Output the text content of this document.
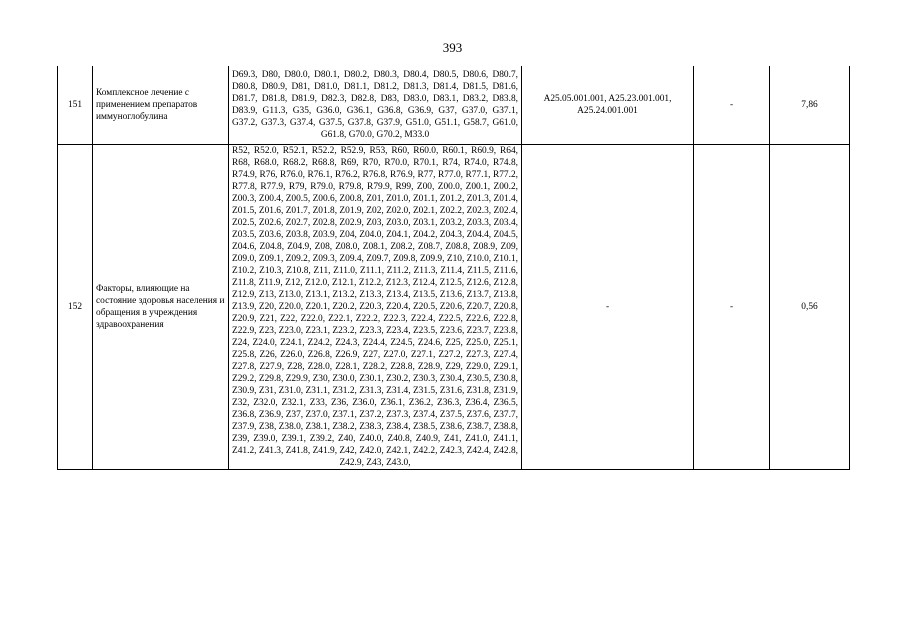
393
151	Комплексное лечение с применением препаратов иммуноглобулина	D69.3, D80, D80.0, D80.1, D80.2, D80.3, D80.4, D80.5, D80.6, D80.7, D80.8, D80.9, D81, D81.0, D81.1, D81.2, D81.3, D81.4, D81.5, D81.6, D81.7, D81.8, D81.9, D82.3, D82.8, D83, D83.0, D83.1, D83.2, D83.8, D83.9, G11.3, G35, G36.0, G36.1, G36.8, G36.9, G37, G37.0, G37.1, G37.2, G37.3, G37.4, G37.5, G37.8, G37.9, G51.0, G51.1, G58.7, G61.0, G61.8, G70.0, G70.2, M33.0	A25.05.001.001, A25.23.001.001, A25.24.001.001	-	7,86
152	Факторы, влияющие на состояние здоровья населения и обращения в учреждения здравоохранения	R52, R52.0, R52.1, R52.2, R52.9, R53, R60, R60.0, R60.1, R60.9, R64, R68, R68.0, R68.2, R68.8, R69, R70, R70.0, R70.1, R74, R74.0, R74.8, R74.9, R76, R76.0, R76.1, R76.2, R76.8, R76.9, R77, R77.0, R77.1, R77.2, R77.8, R77.9, R79, R79.0, R79.8, R79.9, R99, Z00, Z00.0, Z00.1, Z00.2, Z00.3, Z00.4, Z00.5, Z00.6, Z00.8, Z01, Z01.0, Z01.1, Z01.2, Z01.3, Z01.4, Z01.5, Z01.6, Z01.7, Z01.8, Z01.9, Z02, Z02.0, Z02.1, Z02.2, Z02.3, Z02.4, Z02.5, Z02.6, Z02.7, Z02.8, Z02.9, Z03, Z03.0, Z03.1, Z03.2, Z03.3, Z03.4, Z03.5, Z03.6, Z03.8, Z03.9, Z04, Z04.0, Z04.1, Z04.2, Z04.3, Z04.4, Z04.5, Z04.6, Z04.8, Z04.9, Z08, Z08.0, Z08.1, Z08.2, Z08.7, Z08.8, Z08.9, Z09, Z09.0, Z09.1, Z09.2, Z09.3, Z09.4, Z09.7, Z09.8, Z09.9, Z10, Z10.0, Z10.1, Z10.2, Z10.3, Z10.8, Z11, Z11.0, Z11.1, Z11.2, Z11.3, Z11.4, Z11.5, Z11.6, Z11.8, Z11.9, Z12, Z12.0, Z12.1, Z12.2, Z12.3, Z12.4, Z12.5, Z12.6, Z12.8, Z12.9, Z13, Z13.0, Z13.1, Z13.2, Z13.3, Z13.4, Z13.5, Z13.6, Z13.7, Z13.8, Z13.9, Z20, Z20.0, Z20.1, Z20.2, Z20.3, Z20.4, Z20.5, Z20.6, Z20.7, Z20.8, Z20.9, Z21, Z22, Z22.0, Z22.1, Z22.2, Z22.3, Z22.4, Z22.5, Z22.6, Z22.8, Z22.9, Z23, Z23.0, Z23.1, Z23.2, Z23.3, Z23.4, Z23.5, Z23.6, Z23.7, Z23.8, Z24, Z24.0, Z24.1, Z24.2, Z24.3, Z24.4, Z24.5, Z24.6, Z25, Z25.0, Z25.1, Z25.8, Z26, Z26.0, Z26.8, Z26.9, Z27, Z27.0, Z27.1, Z27.2, Z27.3, Z27.4, Z27.8, Z27.9, Z28, Z28.0, Z28.1, Z28.2, Z28.8, Z28.9, Z29, Z29.0, Z29.1, Z29.2, Z29.8, Z29.9, Z30, Z30.0, Z30.1, Z30.2, Z30.3, Z30.4, Z30.5, Z30.8, Z30.9, Z31, Z31.0, Z31.1, Z31.2, Z31.3, Z31.4, Z31.5, Z31.6, Z31.8, Z31.9, Z32, Z32.0, Z32.1, Z33, Z36, Z36.0, Z36.1, Z36.2, Z36.3, Z36.4, Z36.5, Z36.8, Z36.9, Z37, Z37.0, Z37.1, Z37.2, Z37.3, Z37.4, Z37.5, Z37.6, Z37.7, Z37.9, Z38, Z38.0, Z38.1, Z38.2, Z38.3, Z38.4, Z38.5, Z38.6, Z38.7, Z38.8, Z39, Z39.0, Z39.1, Z39.2, Z40, Z40.0, Z40.8, Z40.9, Z41, Z41.0, Z41.1, Z41.2, Z41.3, Z41.8, Z41.9, Z42, Z42.0, Z42.1, Z42.2, Z42.3, Z42.4, Z42.8, Z42.9, Z43, Z43.0,	-	-	0,56
